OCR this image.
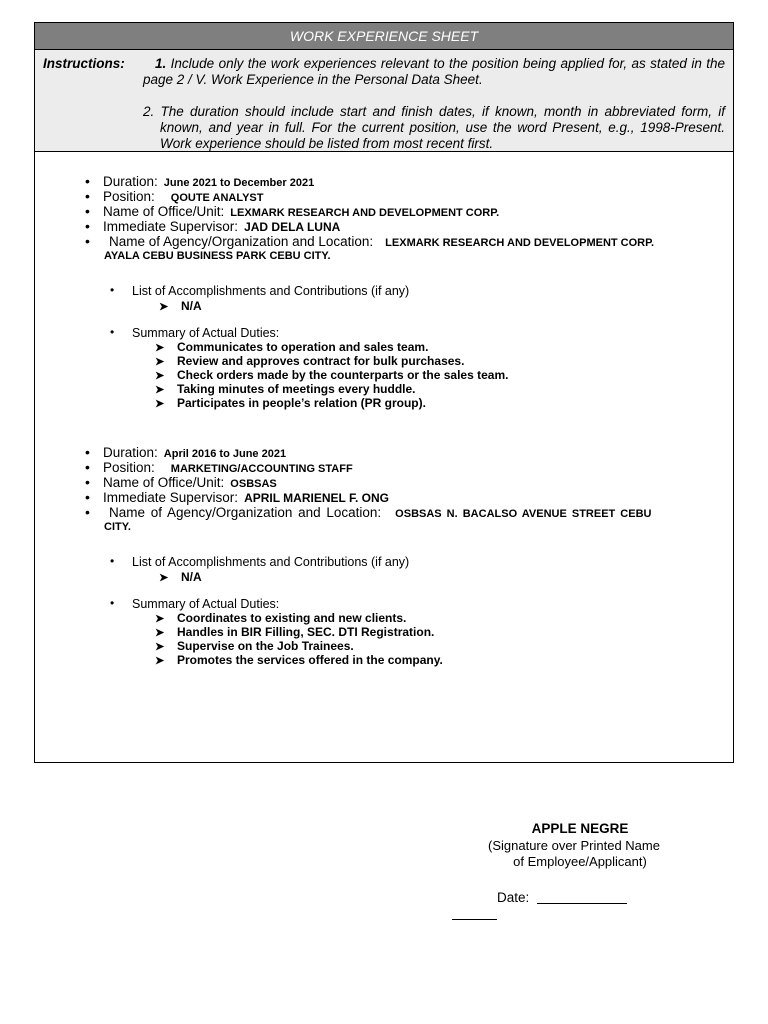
WORK EXPERIENCE SHEET
Instructions:	1. Include only the work experiences relevant to the position being applied for, as stated in the page 2 / V. Work Experience in the Personal Data Sheet.
2. The duration should include start and finish dates, if known, month in abbreviated form, if known, and year in full. For the current position, use the word Present, e.g., 1998-Present. Work experience should be listed from most recent first.
• Duration: June 2021 to December 2021
• Position: QOUTE ANALYST
• Name of Office/Unit: LEXMARK RESEARCH AND DEVELOPMENT CORP.
• Immediate Supervisor: JAD DELA LUNA
• Name of Agency/Organization and Location: LEXMARK RESEARCH AND DEVELOPMENT CORP.
AYALA CEBU BUSINESS PARK CEBU CITY.
• List of Accomplishments and Contributions (if any)
➤ N/A
• Summary of Actual Duties:
➤ Communicates to operation and sales team.
➤ Review and approves contract for bulk purchases.
➤ Check orders made by the counterparts or the sales team.
➤ Taking minutes of meetings every huddle.
➤ Participates in people’s relation (PR group).
• Duration: April 2016 to June 2021
• Position: MARKETING/ACCOUNTING STAFF
• Name of Office/Unit: OSBSAS
• Immediate Supervisor: APRIL MARIENEL F. ONG
• Name of Agency/Organization and Location: OSBSAS N. BACALSO AVENUE STREET CEBU
CITY.
• List of Accomplishments and Contributions (if any)
➤ N/A
• Summary of Actual Duties:
➤ Coordinates to existing and new clients.
➤ Handles in BIR Filling, SEC. DTI Registration.
➤ Supervise on the Job Trainees.
➤ Promotes the services offered in the company.
APPLE NEGRE
(Signature over Printed Name
of Employee/Applicant)
Date:
